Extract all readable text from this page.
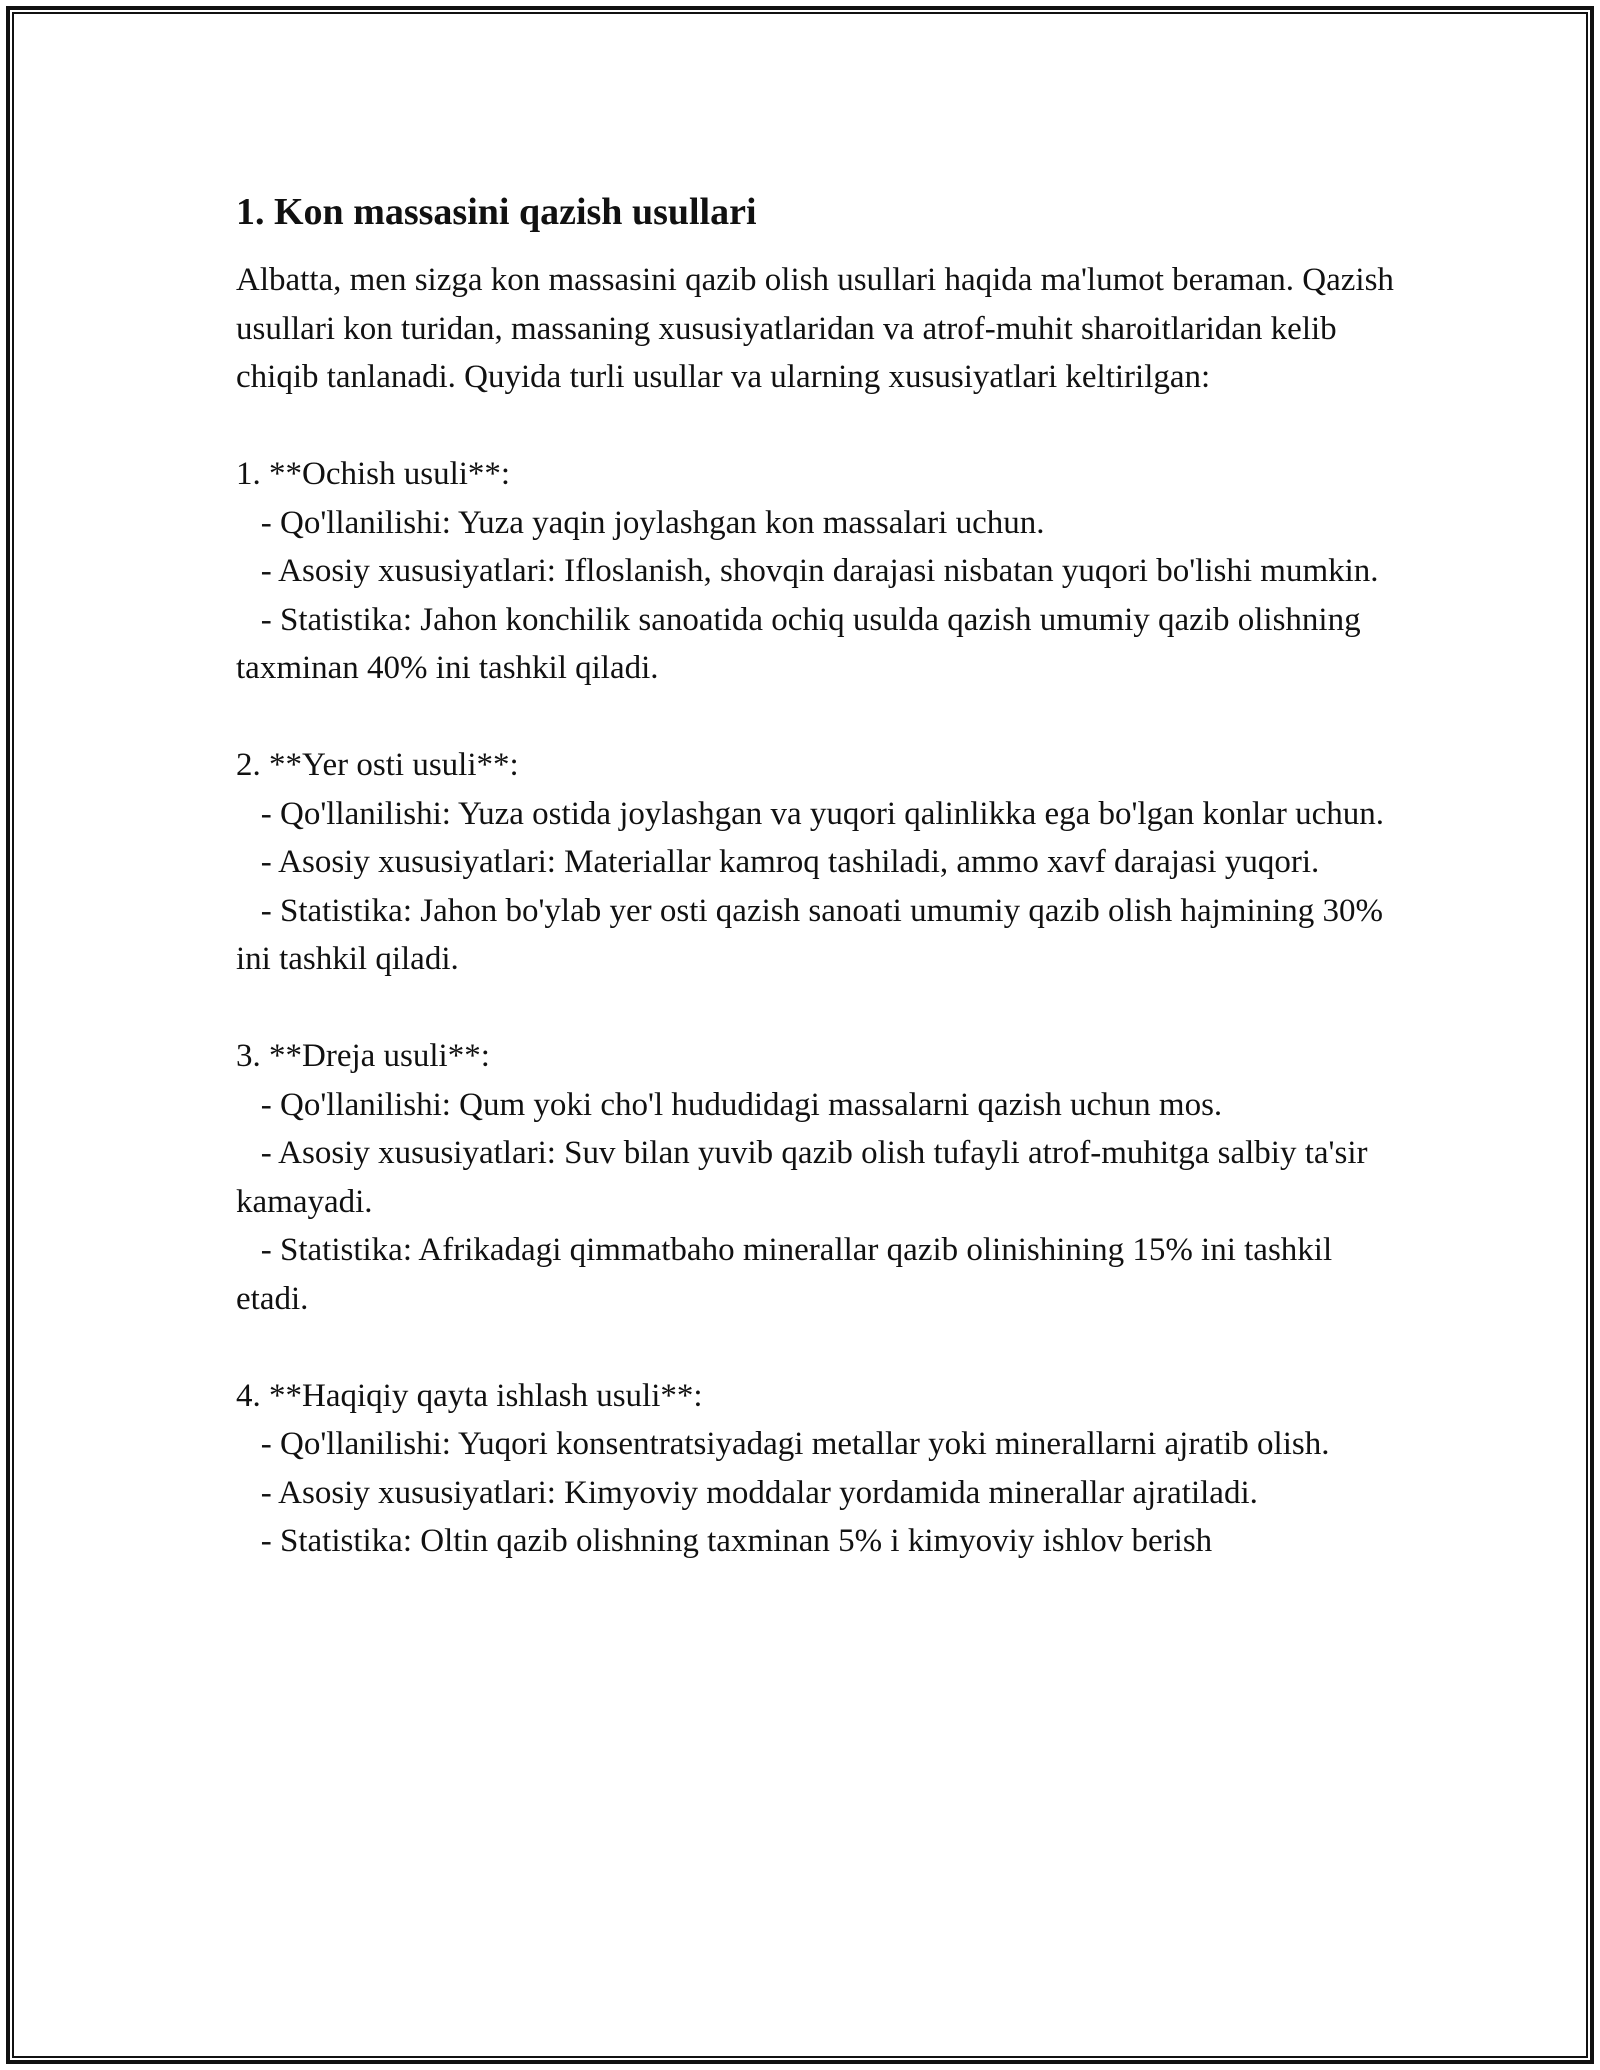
1. Kon massasini qazish usullari

Albatta, men sizga kon massasini qazib olish usullari haqida ma'lumot beraman. Qazish usullari kon turidan, massaning xususiyatlaridan va atrof-muhit sharoitlaridan kelib chiqib tanlanadi. Quyida turli usullar va ularning xususiyatlari keltirilgan:

1. **Ochish usuli**:

- Qo'llanilishi: Yuza yaqin joylashgan kon massalari uchun.

- Asosiy xususiyatlari: Ifloslanish, shovqin darajasi nisbatan yuqori bo'lishi mumkin.

- Statistika: Jahon konchilik sanoatida ochiq usulda qazish umumiy qazib olishning taxminan 40% ini tashkil qiladi.

2. **Yer osti usuli**:

- Qo'llanilishi: Yuza ostida joylashgan va yuqori qalinlikka ega bo'lgan konlar uchun.

- Asosiy xususiyatlari: Materiallar kamroq tashiladi, ammo xavf darajasi yuqori.

- Statistika: Jahon bo'ylab yer osti qazish sanoati umumiy qazib olish hajmining 30% ini tashkil qiladi.

3. **Dreja usuli**:

- Qo'llanilishi: Qum yoki cho'l hududidagi massalarni qazish uchun mos.

- Asosiy xususiyatlari: Suv bilan yuvib qazib olish tufayli atrof-muhitga salbiy ta'sir kamayadi.

- Statistika: Afrikadagi qimmatbaho minerallar qazib olinishining 15% ini tashkil etadi.

4. **Haqiqiy qayta ishlash usuli**:

- Qo'llanilishi: Yuqori konsentratsiyadagi metallar yoki minerallarni ajratib olish.

- Asosiy xususiyatlari: Kimyoviy moddalar yordamida minerallar ajratiladi.

- Statistika: Oltin qazib olishning taxminan 5% i kimyoviy ishlov berish
